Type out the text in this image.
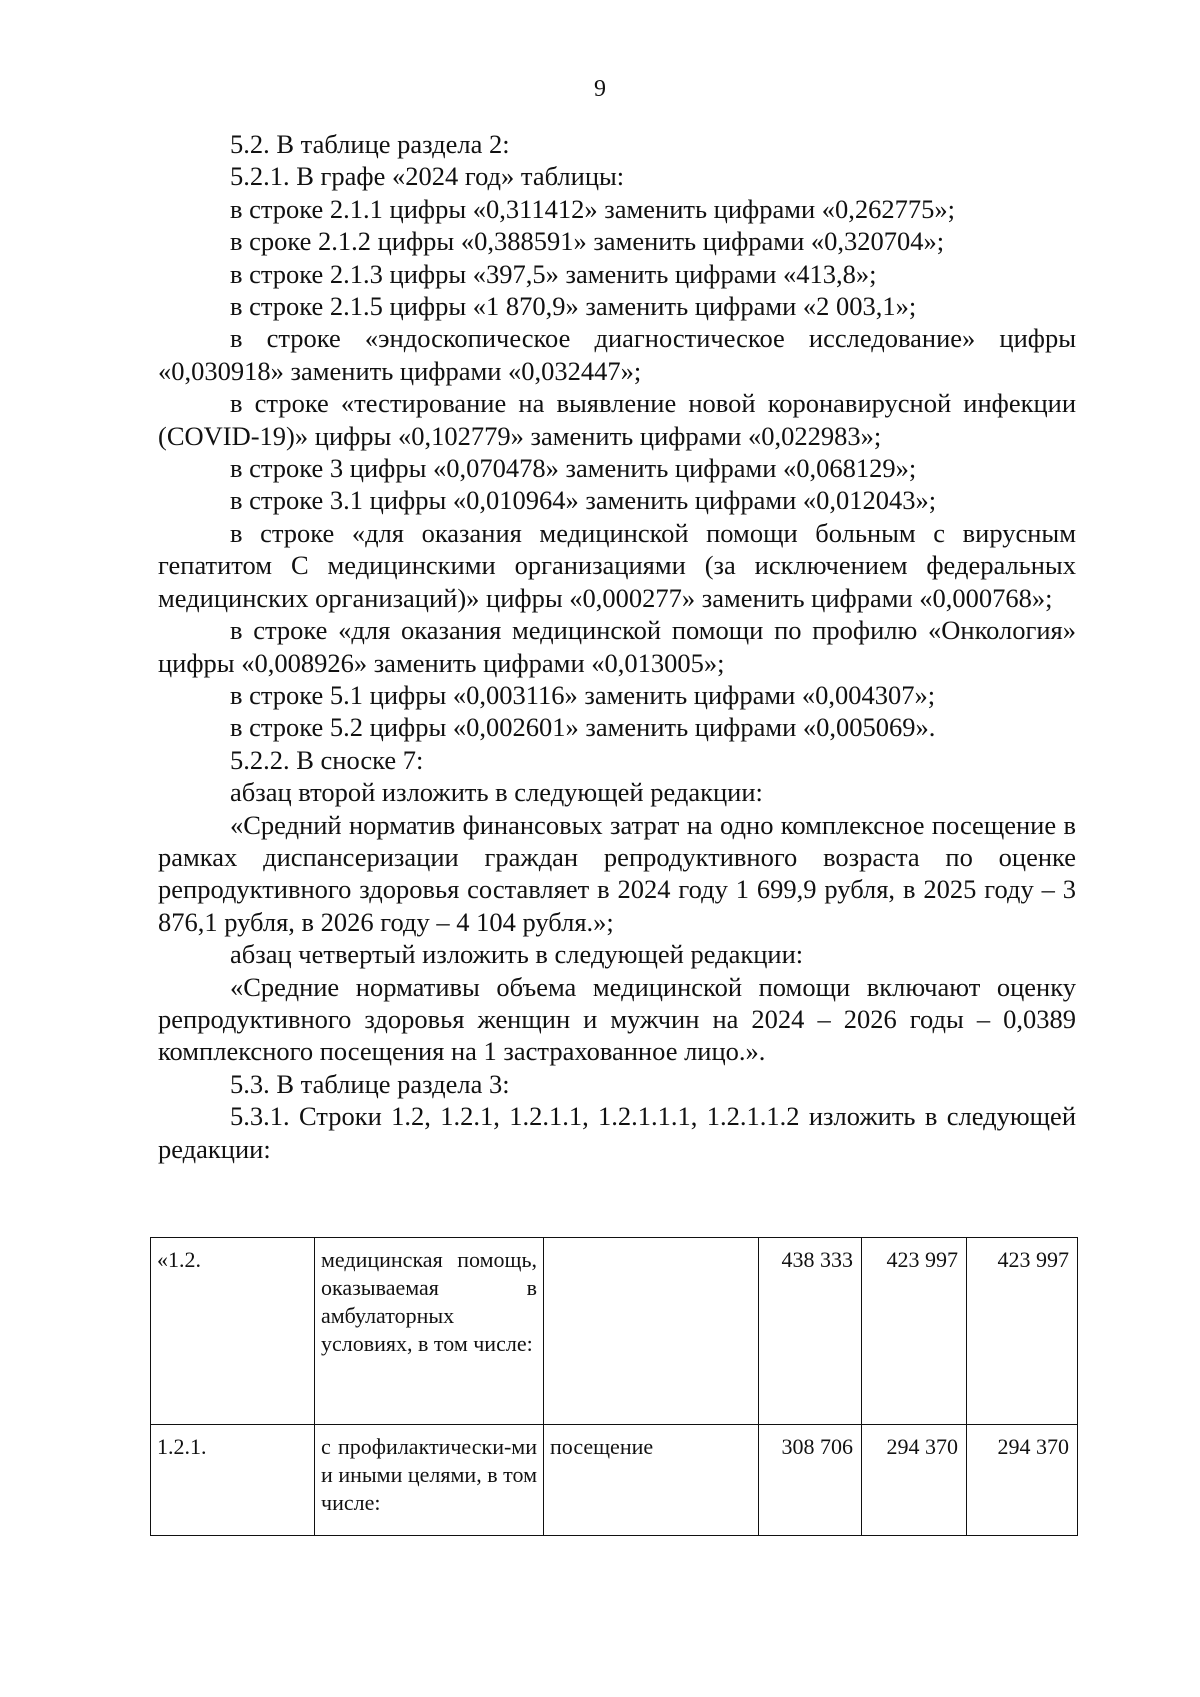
9

5.2. В таблице раздела 2:

5.2.1. В графе «2024 год» таблицы:

в строке 2.1.1 цифры «0,311412» заменить цифрами «0,262775»;

в сроке 2.1.2 цифры «0,388591» заменить цифрами «0,320704»;

в строке 2.1.3 цифры «397,5» заменить цифрами «413,8»;

в строке 2.1.5 цифры «1 870,9» заменить цифрами «2 003,1»;

в строке «эндоскопическое диагностическое исследование» цифры «0,030918» заменить цифрами «0,032447»;

в строке «тестирование на выявление новой коронавирусной инфекции (COVID-19)» цифры «0,102779» заменить цифрами «0,022983»;

в строке 3 цифры «0,070478» заменить цифрами «0,068129»;

в строке 3.1 цифры «0,010964» заменить цифрами «0,012043»;

в строке «для оказания медицинской помощи больным с вирусным гепатитом С медицинскими организациями (за исключением федеральных медицинских организаций)» цифры «0,000277» заменить цифрами «0,000768»;

в строке «для оказания медицинской помощи по профилю «Онкология» цифры «0,008926» заменить цифрами «0,013005»;

в строке 5.1 цифры «0,003116» заменить цифрами «0,004307»;

в строке 5.2 цифры «0,002601» заменить цифрами «0,005069».

5.2.2. В сноске 7:

абзац второй изложить в следующей редакции:

«Средний норматив финансовых затрат на одно комплексное посещение в рамках диспансеризации граждан репродуктивного возраста по оценке репродуктивного здоровья составляет в 2024 году 1 699,9 рубля, в 2025 году – 3 876,1 рубля, в 2026 году – 4 104 рубля.»;

абзац четвертый изложить в следующей редакции:

«Средние нормативы объема медицинской помощи включают оценку репродуктивного здоровья женщин и мужчин на 2024 – 2026 годы – 0,0389 комплексного посещения на 1 застрахованное лицо.».

5.3. В таблице раздела 3:

5.3.1. Строки 1.2, 1.2.1, 1.2.1.1, 1.2.1.1.1, 1.2.1.1.2 изложить в следующей редакции:

«1.2.	медицинская помощь, оказываемая в амбулаторных условиях, в том числе:		438 333	423 997	423 997
1.2.1.	с профилактически-ми и иными целями, в том числе:	посещение	308 706	294 370	294 370
